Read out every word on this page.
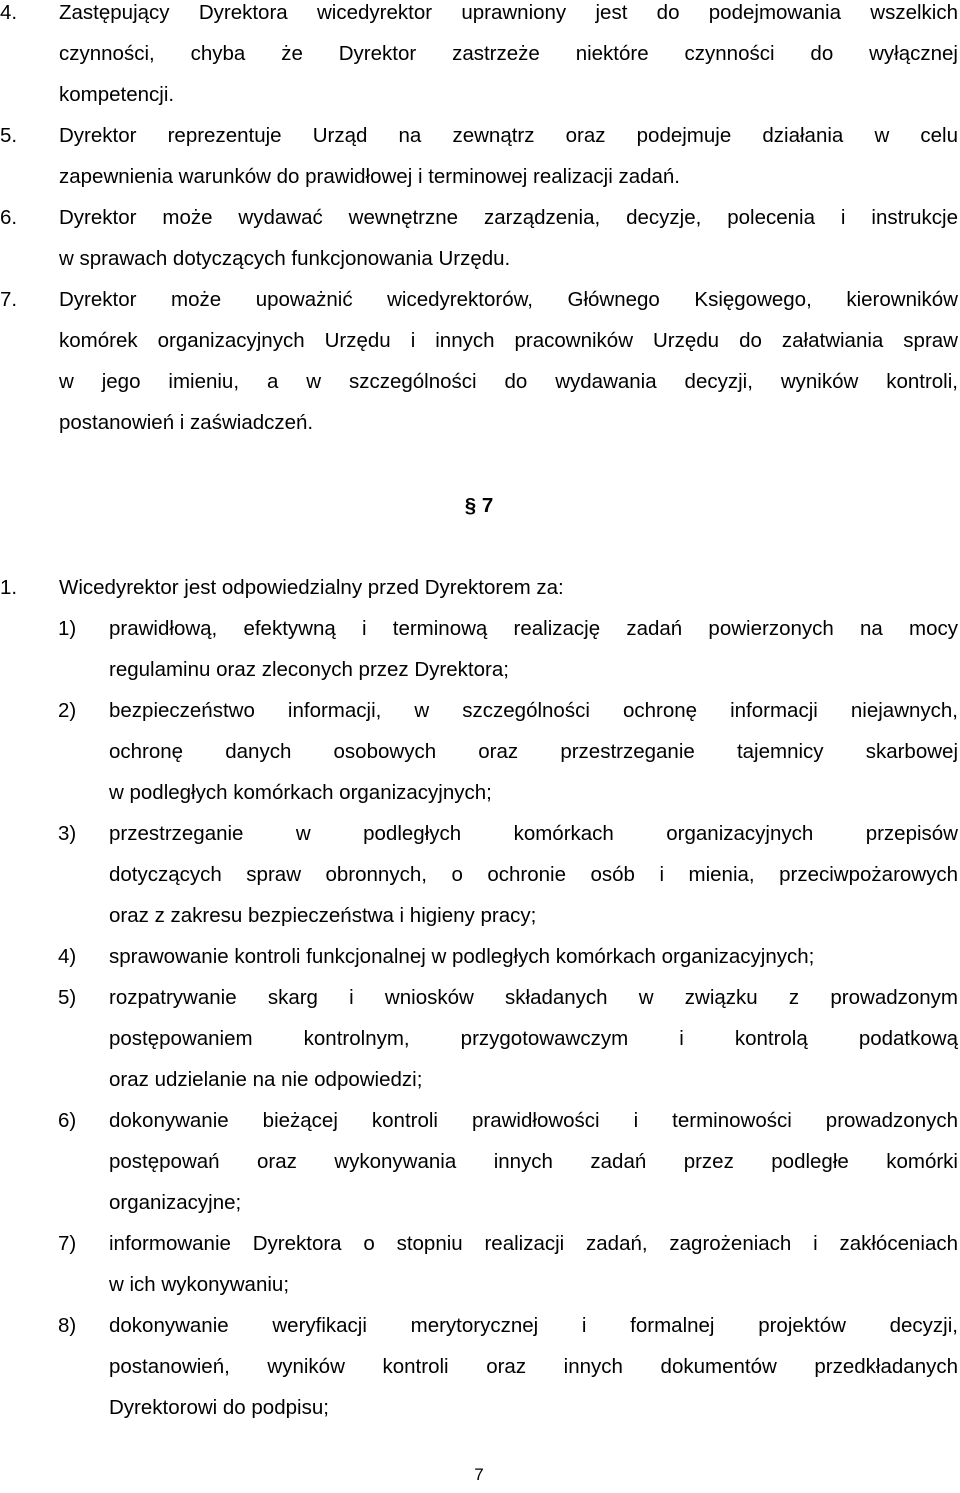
4. Zastępujący Dyrektora wicedyrektor uprawniony jest do podejmowania wszelkich
czynności, chyba że Dyrektor zastrzeże niektóre czynności do wyłącznej
kompetencji.
5. Dyrektor reprezentuje Urząd na zewnątrz oraz podejmuje działania w celu
zapewnienia warunków do prawidłowej i terminowej realizacji zadań.
6. Dyrektor może wydawać wewnętrzne zarządzenia, decyzje, polecenia i instrukcje
w sprawach dotyczących funkcjonowania Urzędu.
7. Dyrektor może upoważnić wicedyrektorów, Głównego Księgowego, kierowników
komórek organizacyjnych Urzędu i innych pracowników Urzędu do załatwiania spraw
w jego imieniu, a w szczególności do wydawania decyzji, wyników kontroli,
postanowień i zaświadczeń.
§ 7
1. Wicedyrektor jest odpowiedzialny przed Dyrektorem za:
1) prawidłową, efektywną i terminową realizację zadań powierzonych na mocy
regulaminu oraz zleconych przez Dyrektora;
2) bezpieczeństwo informacji, w szczególności ochronę informacji niejawnych,
ochronę danych osobowych oraz przestrzeganie tajemnicy skarbowej
w podległych komórkach organizacyjnych;
3) przestrzeganie w podległych komórkach organizacyjnych przepisów
dotyczących spraw obronnych, o ochronie osób i mienia, przeciwpożarowych
oraz z zakresu bezpieczeństwa i higieny pracy;
4) sprawowanie kontroli funkcjonalnej w podległych komórkach organizacyjnych;
5) rozpatrywanie skarg i wniosków składanych w związku z prowadzonym
postępowaniem kontrolnym, przygotowawczym i kontrolą podatkową
oraz udzielanie na nie odpowiedzi;
6) dokonywanie bieżącej kontroli prawidłowości i terminowości prowadzonych
postępowań oraz wykonywania innych zadań przez podległe komórki
organizacyjne;
7) informowanie Dyrektora o stopniu realizacji zadań, zagrożeniach i zakłóceniach
w ich wykonywaniu;
8) dokonywanie weryfikacji merytorycznej i formalnej projektów decyzji,
postanowień, wyników kontroli oraz innych dokumentów przedkładanych
Dyrektorowi do podpisu;
7
